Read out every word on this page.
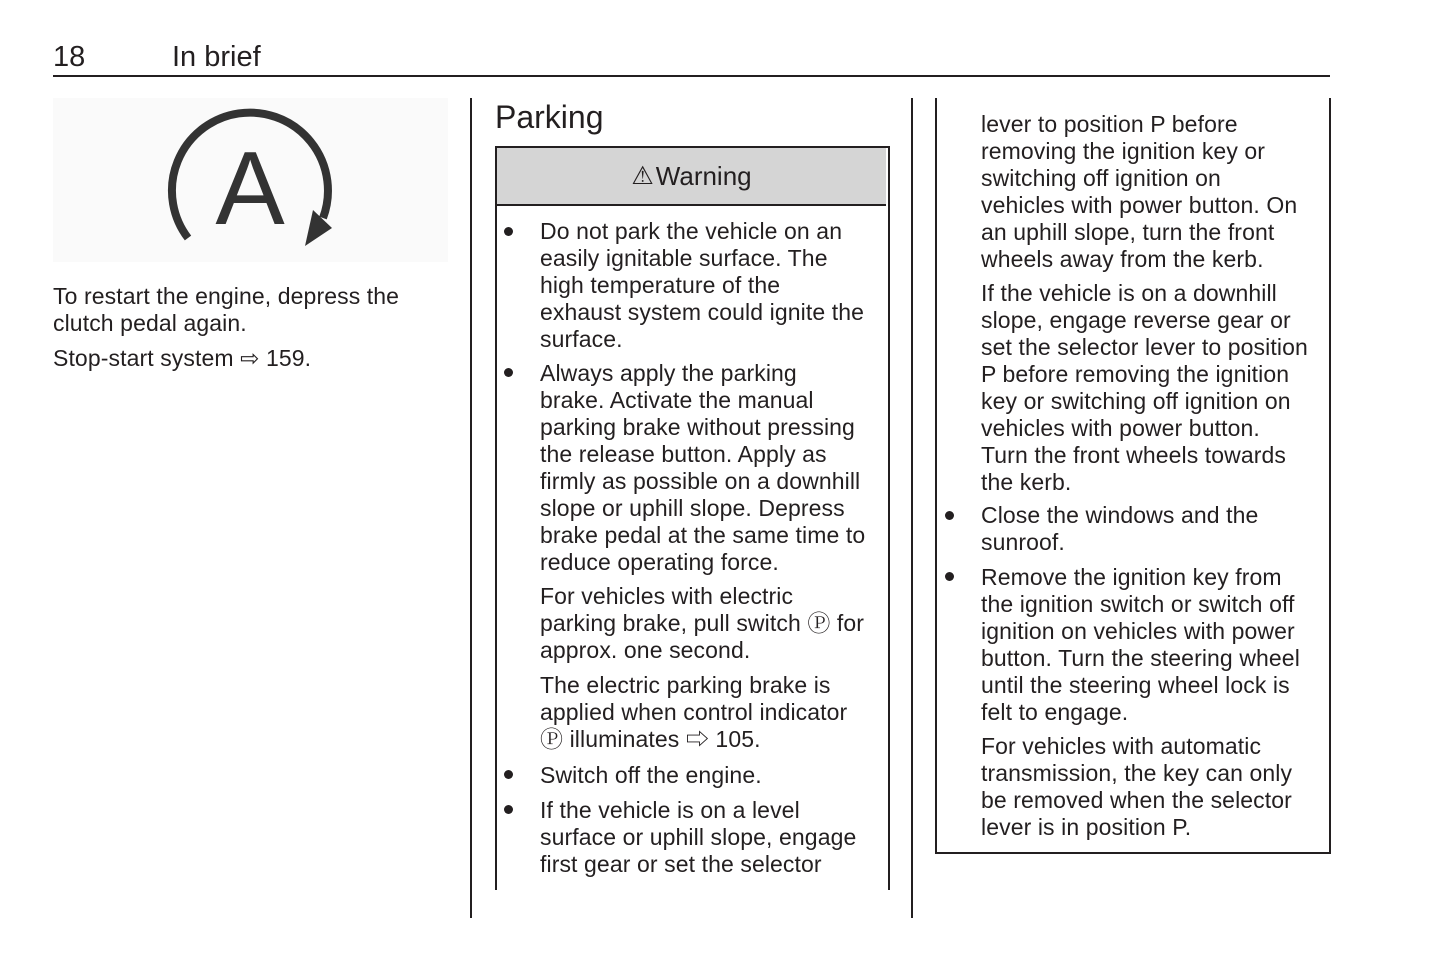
18	In brief
A
To restart the engine, depress the
clutch pedal again.
Stop-start system ⇨ 159.
Parking
⚠ Warning
Do not park the vehicle on an
easily ignitable surface. The
high temperature of the
exhaust system could ignite the
surface.
Always apply the parking
brake. Activate the manual
parking brake without pressing
the release button. Apply as
firmly as possible on a downhill
slope or uphill slope. Depress
brake pedal at the same time to
reduce operating force.
For vehicles with electric
parking brake, pull switch Ⓟ for
approx. one second.
The electric parking brake is
applied when control indicator
Ⓟ illuminates ⇨ 105.
Switch off the engine.
If the vehicle is on a level
surface or uphill slope, engage
first gear or set the selector
lever to position P before
removing the ignition key or
switching off ignition on
vehicles with power button. On
an uphill slope, turn the front
wheels away from the kerb.
If the vehicle is on a downhill
slope, engage reverse gear or
set the selector lever to position
P before removing the ignition
key or switching off ignition on
vehicles with power button.
Turn the front wheels towards
the kerb.
Close the windows and the
sunroof.
Remove the ignition key from
the ignition switch or switch off
ignition on vehicles with power
button. Turn the steering wheel
until the steering wheel lock is
felt to engage.
For vehicles with automatic
transmission, the key can only
be removed when the selector
lever is in position P.
